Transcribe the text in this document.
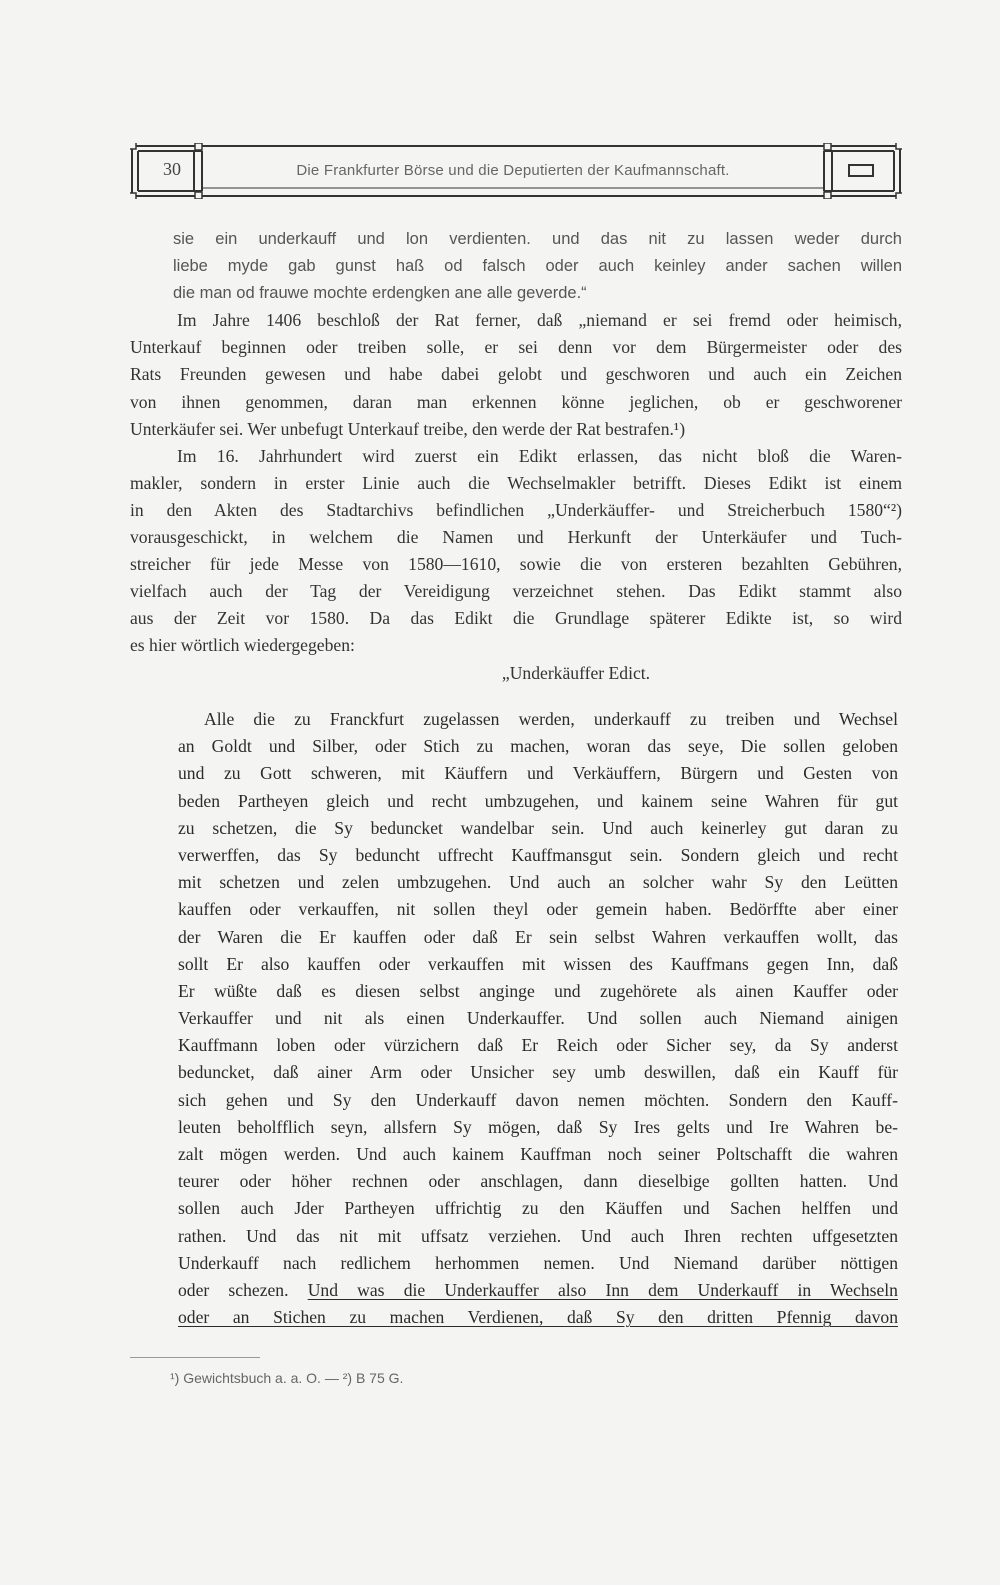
30	Die Frankfurter Börse und die Deputierten der Kaufmannschaft.
sie ein underkauff und lon verdienten. und das nit zu lassen weder durch
liebe myde gab gunst haß od falsch oder auch keinley ander sachen willen
die man od frauwe mochte erdengken ane alle geverde.“
Im Jahre 1406 beschloß der Rat ferner, daß „niemand er sei fremd oder heimisch,
Unterkauf beginnen oder treiben solle, er sei denn vor dem Bürgermeister oder des
Rats Freunden gewesen und habe dabei gelobt und geschworen und auch ein Zeichen
von ihnen genommen, daran man erkennen könne jeglichen, ob er geschworener
Unterkäufer sei. Wer unbefugt Unterkauf treibe, den werde der Rat bestrafen.¹)
Im 16. Jahrhundert wird zuerst ein Edikt erlassen, das nicht bloß die Waren-
makler, sondern in erster Linie auch die Wechselmakler betrifft. Dieses Edikt ist einem
in den Akten des Stadtarchivs befindlichen „Underkäuffer- und Streicherbuch 1580“²)
vorausgeschickt, in welchem die Namen und Herkunft der Unterkäufer und Tuch-
streicher für jede Messe von 1580—1610, sowie die von ersteren bezahlten Gebühren,
vielfach auch der Tag der Vereidigung verzeichnet stehen. Das Edikt stammt also
aus der Zeit vor 1580. Da das Edikt die Grundlage späterer Edikte ist, so wird
es hier wörtlich wiedergegeben:
„Underkäuffer Edict.
Alle die zu Franckfurt zugelassen werden, underkauff zu treiben und Wechsel
an Goldt und Silber, oder Stich zu machen, woran das seye, Die sollen geloben
und zu Gott schweren, mit Käuffern und Verkäuffern, Bürgern und Gesten von
beden Partheyen gleich und recht umbzugehen, und kainem seine Wahren für gut
zu schetzen, die Sy beduncket wandelbar sein. Und auch keinerley gut daran zu
verwerffen, das Sy beduncht uffrecht Kauffmansgut sein. Sondern gleich und recht
mit schetzen und zelen umbzugehen. Und auch an solcher wahr Sy den Leütten
kauffen oder verkauffen, nit sollen theyl oder gemein haben. Bedörffte aber einer
der Waren die Er kauffen oder daß Er sein selbst Wahren verkauffen wollt, das
sollt Er also kauffen oder verkauffen mit wissen des Kauffmans gegen Inn, daß
Er wüßte daß es diesen selbst anginge und zugehörete als ainen Kauffer oder
Verkauffer und nit als einen Underkauffer. Und sollen auch Niemand ainigen
Kauffmann loben oder vürzichern daß Er Reich oder Sicher sey, da Sy anderst
beduncket, daß ainer Arm oder Unsicher sey umb deswillen, daß ein Kauff für
sich gehen und Sy den Underkauff davon nemen möchten. Sondern den Kauff-
leuten beholfflich seyn, allsfern Sy mögen, daß Sy Ires gelts und Ire Wahren be-
zalt mögen werden. Und auch kainem Kauffman noch seiner Poltschafft die wahren
teurer oder höher rechnen oder anschlagen, dann dieselbige gollten hatten. Und
sollen auch Jder Partheyen uffrichtig zu den Käuffen und Sachen helffen und
rathen. Und das nit mit uffsatz verziehen. Und auch Ihren rechten uffgesetzten
Underkauff nach redlichem herhommen nemen. Und Niemand darüber nöttigen
oder schezen. Und was die Underkauffer also Inn dem Underkauff in Wechseln
oder an Stichen zu machen Verdienen, daß Sy den dritten Pfennig davon
¹) Gewichtsbuch a. a. O. — ²) B 75 G.
